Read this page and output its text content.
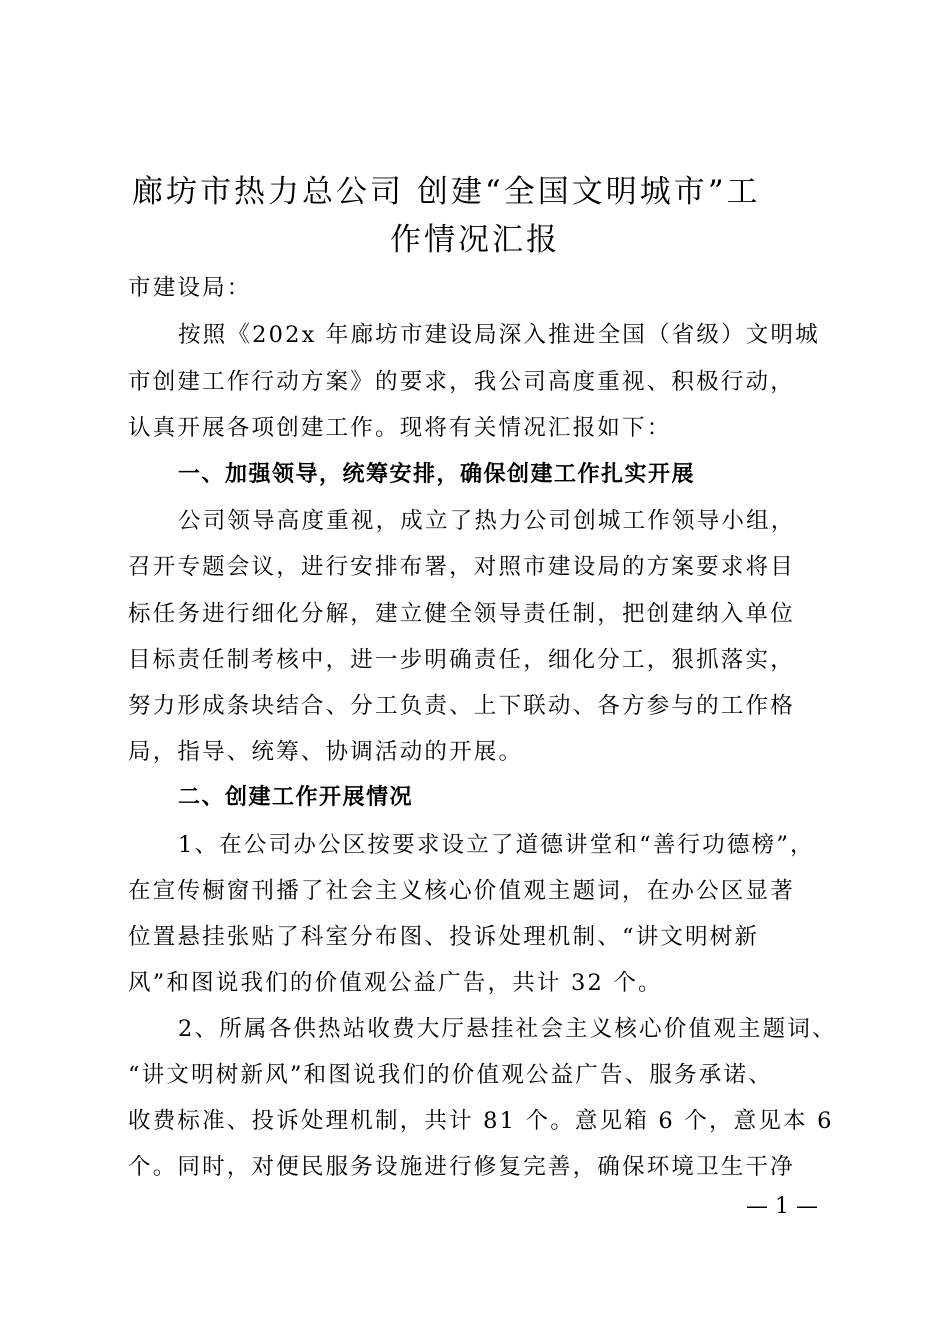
廊坊市热力总公司 创建“全国文明城市”工
作情况汇报
市建设局：
按照《202x 年廊坊市建设局深入推进全国（省级）文明城
市创建工作行动方案》的要求，我公司高度重视、积极行动，
认真开展各项创建工作。现将有关情况汇报如下：
一、加强领导，统筹安排，确保创建工作扎实开展
公司领导高度重视，成立了热力公司创城工作领导小组，
召开专题会议，进行安排布署，对照市建设局的方案要求将目
标任务进行细化分解，建立健全领导责任制，把创建纳入单位
目标责任制考核中，进一步明确责任，细化分工，狠抓落实，
努力形成条块结合、分工负责、上下联动、各方参与的工作格
局，指导、统筹、协调活动的开展。
二、创建工作开展情况
1、在公司办公区按要求设立了道德讲堂和“善行功德榜”，
在宣传橱窗刊播了社会主义核心价值观主题词，在办公区显著
位置悬挂张贴了科室分布图、投诉处理机制、“讲文明树新
风”和图说我们的价值观公益广告，共计 32 个。
2、所属各供热站收费大厅悬挂社会主义核心价值观主题词、
“讲文明树新风”和图说我们的价值观公益广告、服务承诺、
收费标准、投诉处理机制，共计 81 个。意见箱 6 个，意见本 6
个。同时，对便民服务设施进行修复完善，确保环境卫生干净
— 1 —
